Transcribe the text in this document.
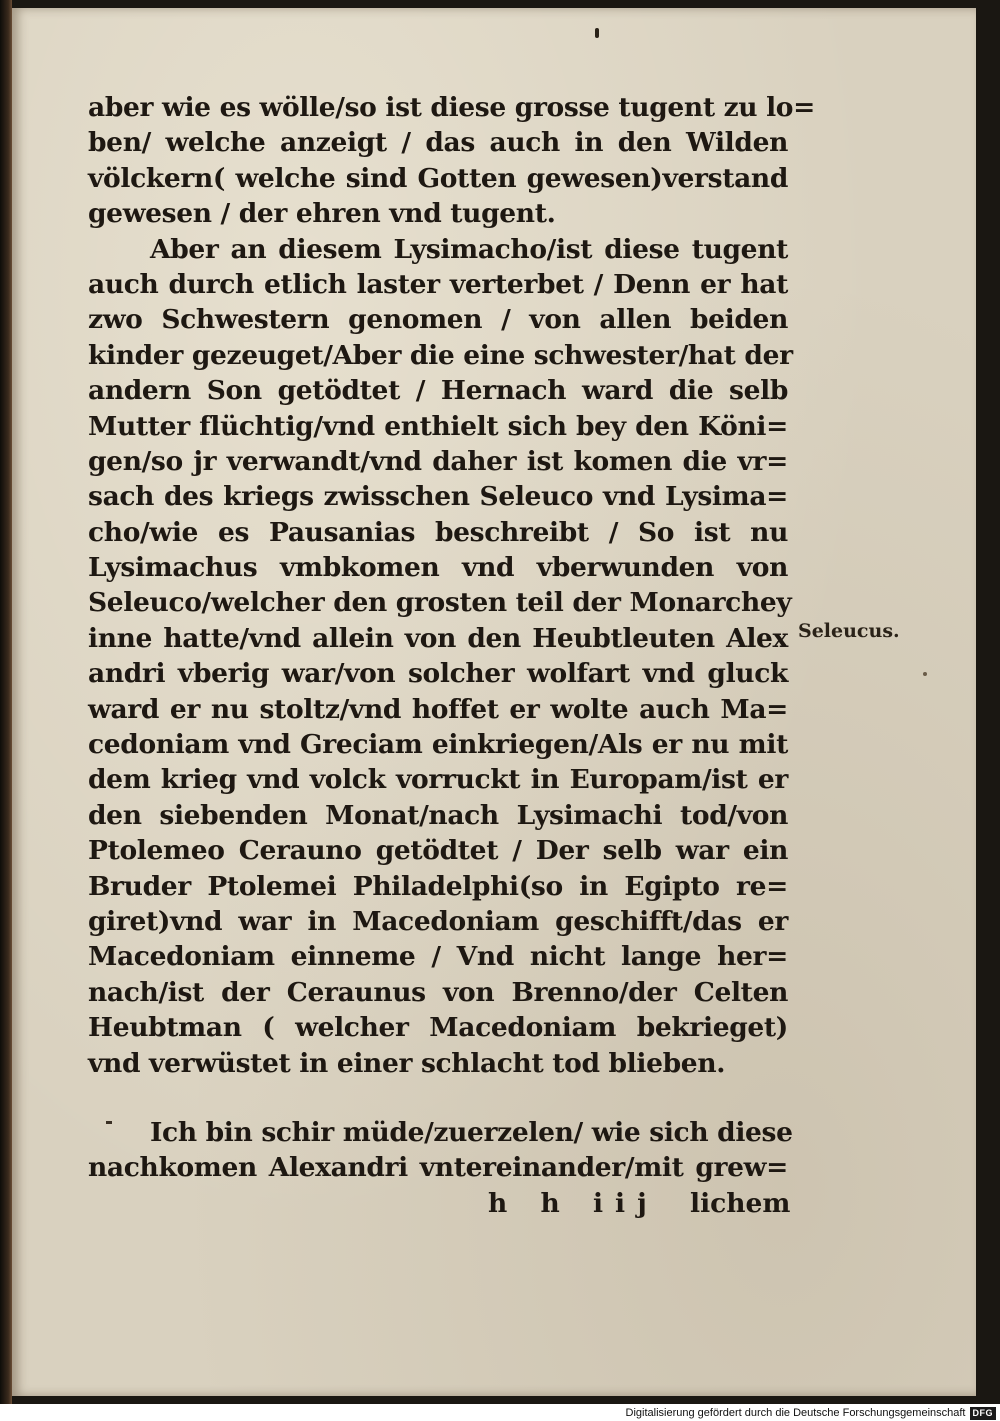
aber wie es wölle/so ist diese grosse tugent zu lo=
ben/ welche anzeigt / das auch in den Wilden
völckern( welche sind Gotten gewesen)verstand
gewesen / der ehren vnd tugent.
Aber an diesem Lysimacho/ist diese tugent
auch durch etlich laster verterbet / Denn er hat
zwo Schwestern genomen / von allen beiden
kinder gezeuget/Aber die eine schwester/hat der
andern Son getödtet / Hernach ward die selb
Mutter flüchtig/vnd enthielt sich bey den Köni=
gen/so jr verwandt/vnd daher ist komen die vr=
sach des kriegs zwisschen Seleuco vnd Lysima=
cho/wie es Pausanias beschreibt / So ist nu
Lysimachus vmbkomen vnd vberwunden von
Seleuco/welcher den grosten teil der Monarchey
inne hatte/vnd allein von den Heubtleuten Alex
andri vberig war/von solcher wolfart vnd gluck
ward er nu stoltz/vnd hoffet er wolte auch Ma=
cedoniam vnd Greciam einkriegen/Als er nu mit
dem krieg vnd volck vorruckt in Europam/ist er
den siebenden Monat/nach Lysimachi tod/von
Ptolemeo Cerauno getödtet / Der selb war ein
Bruder Ptolemei Philadelphi(so in Egipto re=
giret)vnd war in Macedoniam geschifft/das er
Macedoniam einneme / Vnd nicht lange her=
nach/ist der Ceraunus von Brenno/der Celten
Heubtman ( welcher Macedoniam bekrieget)
vnd verwüstet in einer schlacht tod blieben.
Ich bin schir müde/zuerzelen/ wie sich diese
nachkomen Alexandri vntereinander/mit grew=
h h iij lichem
Seleucus.
Digitalisierung gefördert durch die Deutsche Forschungsgemeinschaft DFG
